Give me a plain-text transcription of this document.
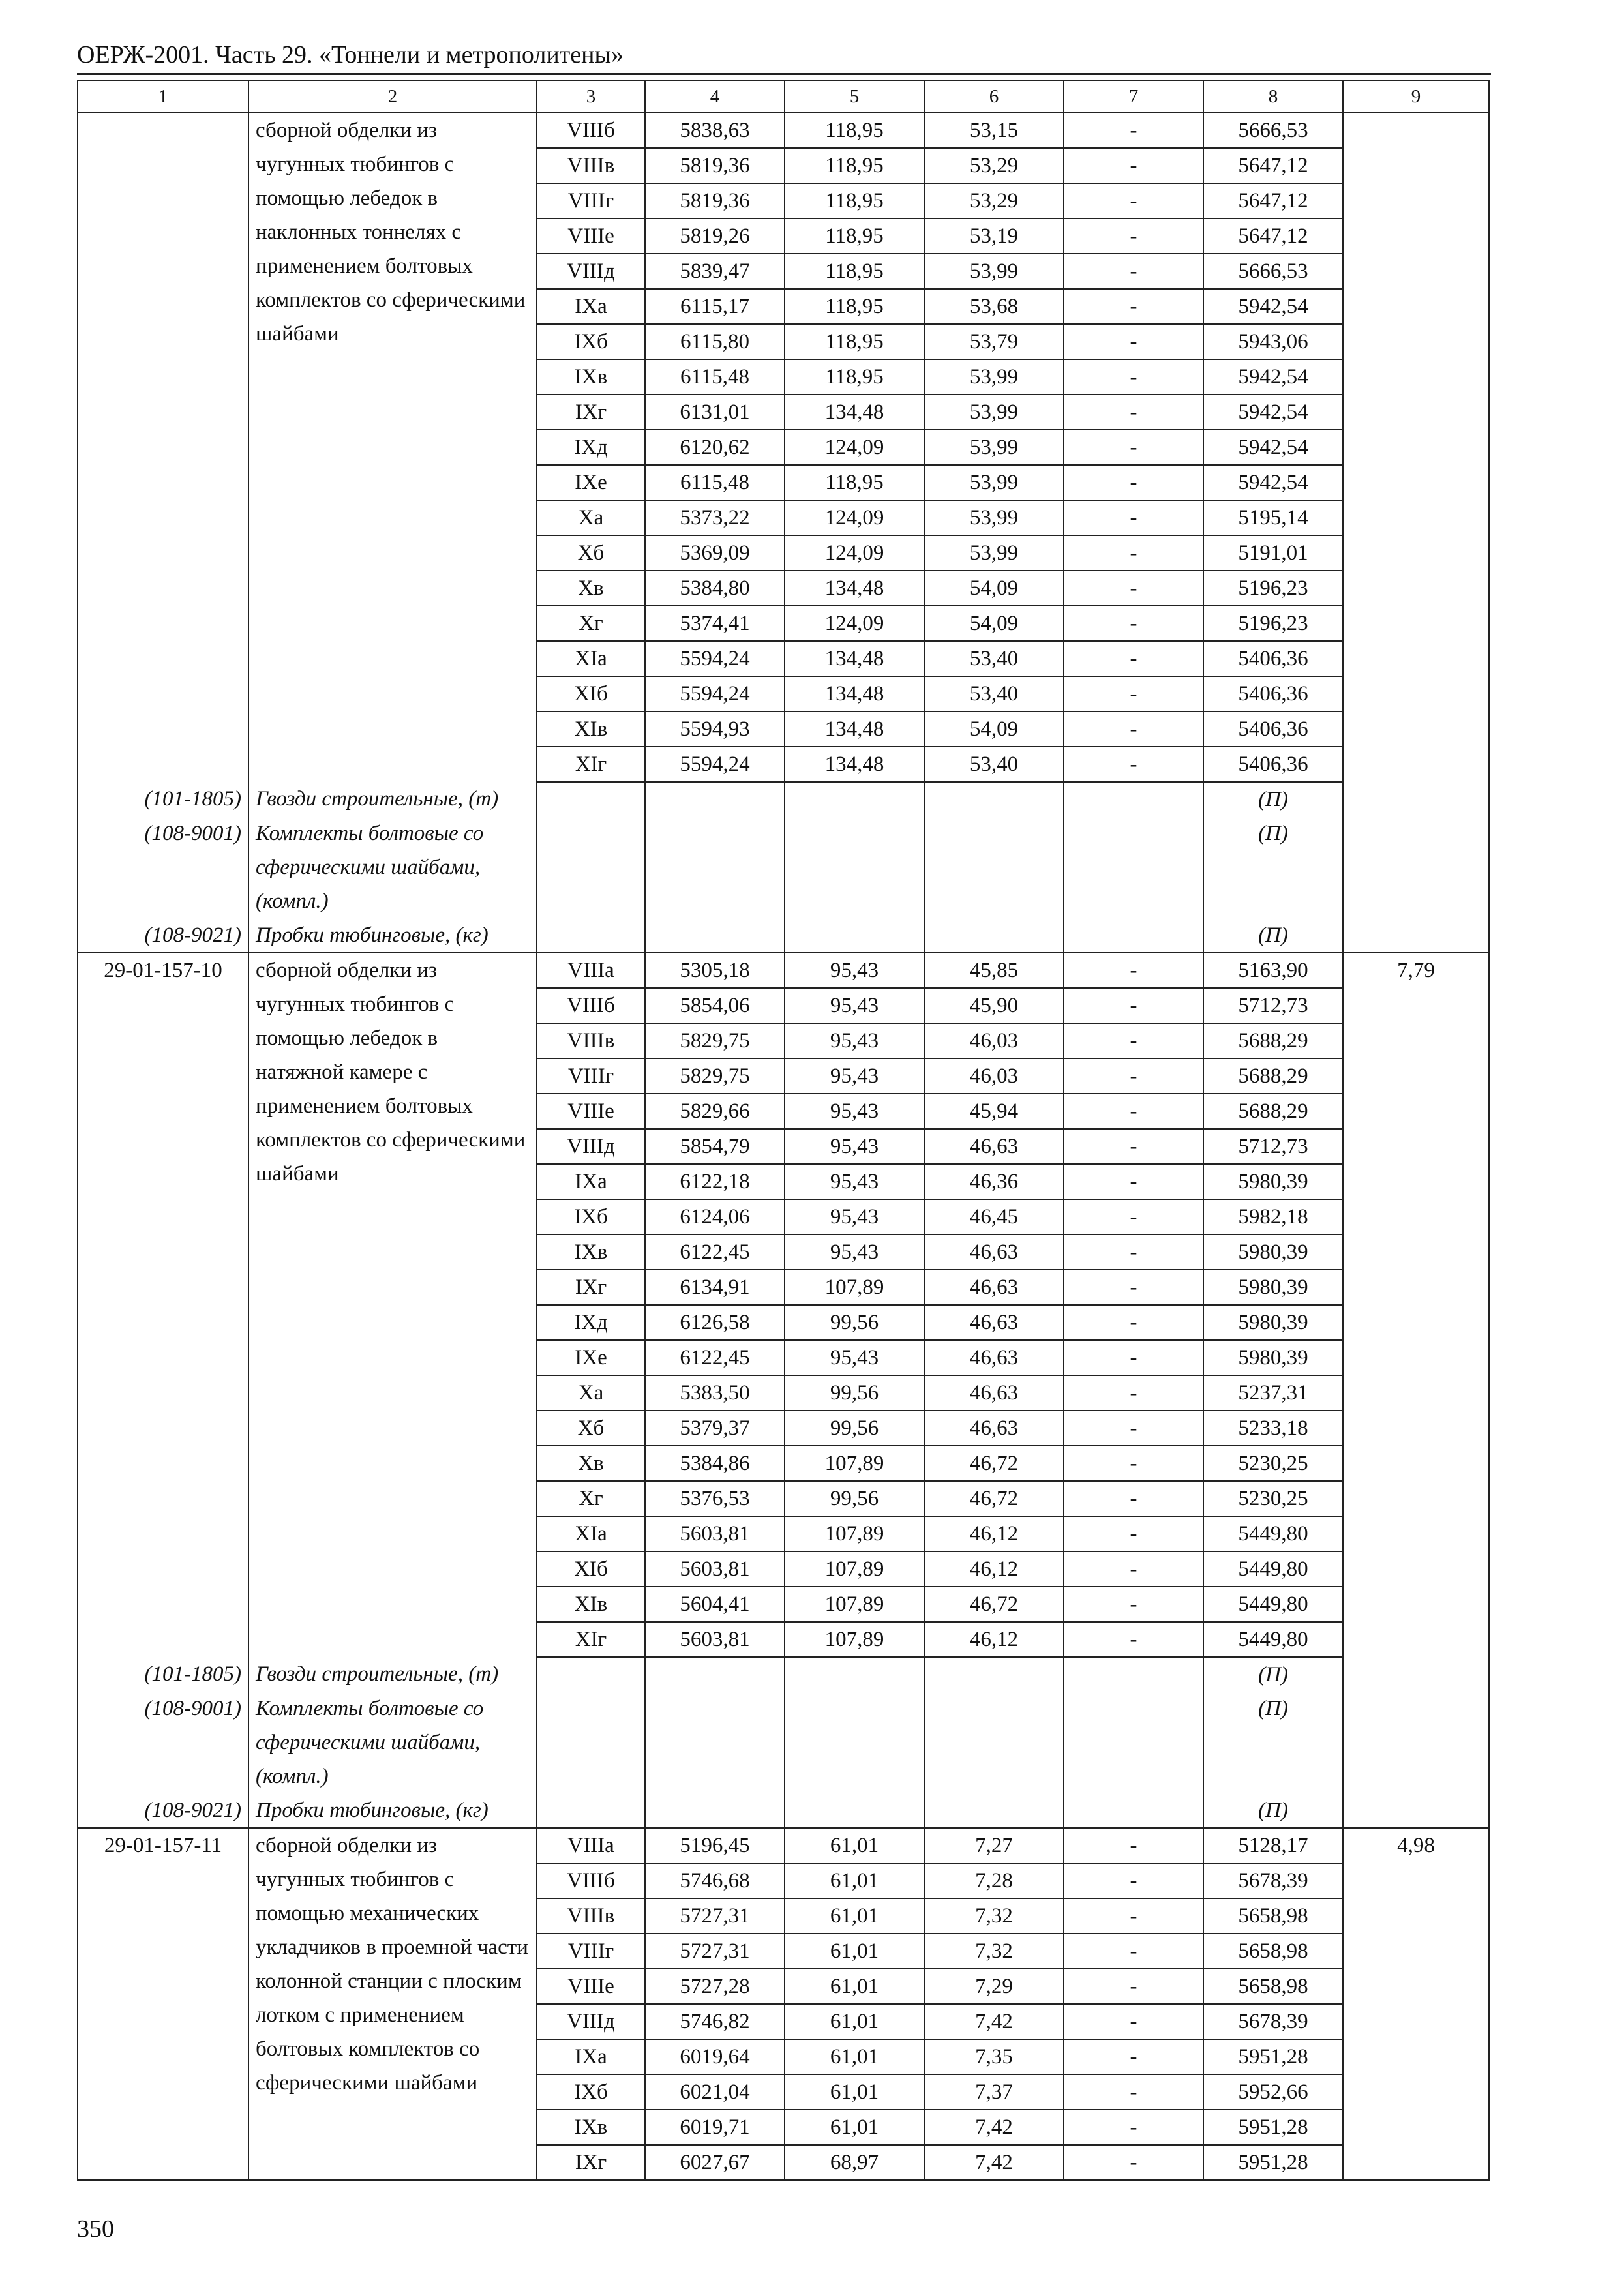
ОЕРЖ-2001. Часть 29. «Тоннели и метрополитены»
1	2	3	4	5	6	7	8	9
	сборной обделки из чугунных тюбингов с помощью лебедок в наклонных тоннелях с применением болтовых комплектов со сферическими шайбами	VIIIб	5838,63	118,95	53,15	-	5666,53	
		VIIIв	5819,36	118,95	53,29	-	5647,12	
		VIIIг	5819,36	118,95	53,29	-	5647,12	
		VIIIе	5819,26	118,95	53,19	-	5647,12	
		VIIIд	5839,47	118,95	53,99	-	5666,53	
		IXа	6115,17	118,95	53,68	-	5942,54	
		IXб	6115,80	118,95	53,79	-	5943,06	
		IXв	6115,48	118,95	53,99	-	5942,54	
		IXг	6131,01	134,48	53,99	-	5942,54	
		IXд	6120,62	124,09	53,99	-	5942,54	
		IXе	6115,48	118,95	53,99	-	5942,54	
		Xа	5373,22	124,09	53,99	-	5195,14	
		Xб	5369,09	124,09	53,99	-	5191,01	
		Xв	5384,80	134,48	54,09	-	5196,23	
		Xг	5374,41	124,09	54,09	-	5196,23	
		XIа	5594,24	134,48	53,40	-	5406,36	
		XIб	5594,24	134,48	53,40	-	5406,36	
		XIв	5594,93	134,48	54,09	-	5406,36	
		XIг	5594,24	134,48	53,40	-	5406,36	
(101-1805)	Гвозди строительные, (т)						(П)	
(108-9001)	Комплекты болтовые со сферическими шайбами, (компл.)						(П)	
(108-9021)	Пробки тюбинговые, (кг)						(П)	
29-01-157-10	сборной обделки из чугунных тюбингов с помощью лебедок в натяжной камере с применением болтовых комплектов со сферическими шайбами	VIIIа	5305,18	95,43	45,85	-	5163,90	7,79
		VIIIб	5854,06	95,43	45,90	-	5712,73	
		VIIIв	5829,75	95,43	46,03	-	5688,29	
		VIIIг	5829,75	95,43	46,03	-	5688,29	
		VIIIе	5829,66	95,43	45,94	-	5688,29	
		VIIIд	5854,79	95,43	46,63	-	5712,73	
		IXа	6122,18	95,43	46,36	-	5980,39	
		IXб	6124,06	95,43	46,45	-	5982,18	
		IXв	6122,45	95,43	46,63	-	5980,39	
		IXг	6134,91	107,89	46,63	-	5980,39	
		IXд	6126,58	99,56	46,63	-	5980,39	
		IXе	6122,45	95,43	46,63	-	5980,39	
		Xа	5383,50	99,56	46,63	-	5237,31	
		Xб	5379,37	99,56	46,63	-	5233,18	
		Xв	5384,86	107,89	46,72	-	5230,25	
		Xг	5376,53	99,56	46,72	-	5230,25	
		XIа	5603,81	107,89	46,12	-	5449,80	
		XIб	5603,81	107,89	46,12	-	5449,80	
		XIв	5604,41	107,89	46,72	-	5449,80	
		XIг	5603,81	107,89	46,12	-	5449,80	
(101-1805)	Гвозди строительные, (т)						(П)	
(108-9001)	Комплекты болтовые со сферическими шайбами, (компл.)						(П)	
(108-9021)	Пробки тюбинговые, (кг)						(П)	
29-01-157-11	сборной обделки из чугунных тюбингов с помощью механических укладчиков в проемной части колонной станции с плоским лотком с применением болтовых комплектов со сферическими шайбами	VIIIа	5196,45	61,01	7,27	-	5128,17	4,98
		VIIIб	5746,68	61,01	7,28	-	5678,39	
		VIIIв	5727,31	61,01	7,32	-	5658,98	
		VIIIг	5727,31	61,01	7,32	-	5658,98	
		VIIIе	5727,28	61,01	7,29	-	5658,98	
		VIIIд	5746,82	61,01	7,42	-	5678,39	
		IXа	6019,64	61,01	7,35	-	5951,28	
		IXб	6021,04	61,01	7,37	-	5952,66	
		IXв	6019,71	61,01	7,42	-	5951,28	
		IXг	6027,67	68,97	7,42	-	5951,28	
350
